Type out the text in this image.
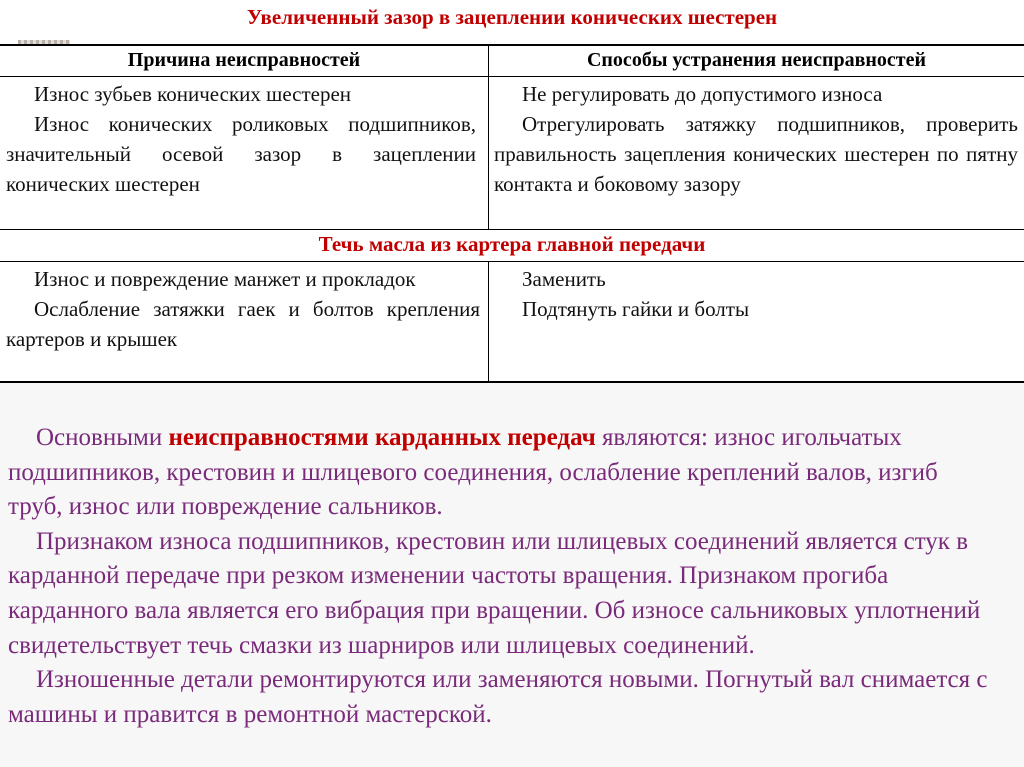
Увеличенный зазор в зацеплении конических шестерен
Причина неисправностей	Способы устранения неисправностей

Износ зубьев конических шестерен

Износ конических роликовых подшипников, значительный осевой зазор в зацеплении конических шестерен

Не регулировать до допустимого износа

Отрегулировать затяжку подшипников, проверить правильность зацепления конических шестерен по пятну контакта и боковому зазору

Течь масла из картера главной передачи

Износ и повреждение манжет и прокладок

Ослабление затяжки гаек и болтов крепления картеров и крышек

Заменить

Подтянуть гайки и болты

Основными неисправностями карданных передач являются: износ игольчатых подшипников, крестовин и шлицевого соединения, ослабление креплений валов, изгиб труб, износ или повреждение сальников.

Признаком износа подшипников, крестовин или шлицевых соединений является стук в карданной передаче при резком изменении частоты вращения. Признаком прогиба карданного вала является его вибрация при вращении. Об износе сальниковых уплотнений свидетельствует течь смазки из шарниров или шлицевых соединений.

Изношенные детали ремонтируются или заменяются новыми. Погнутый вал снимается с машины и правится в ремонтной мастерской.
